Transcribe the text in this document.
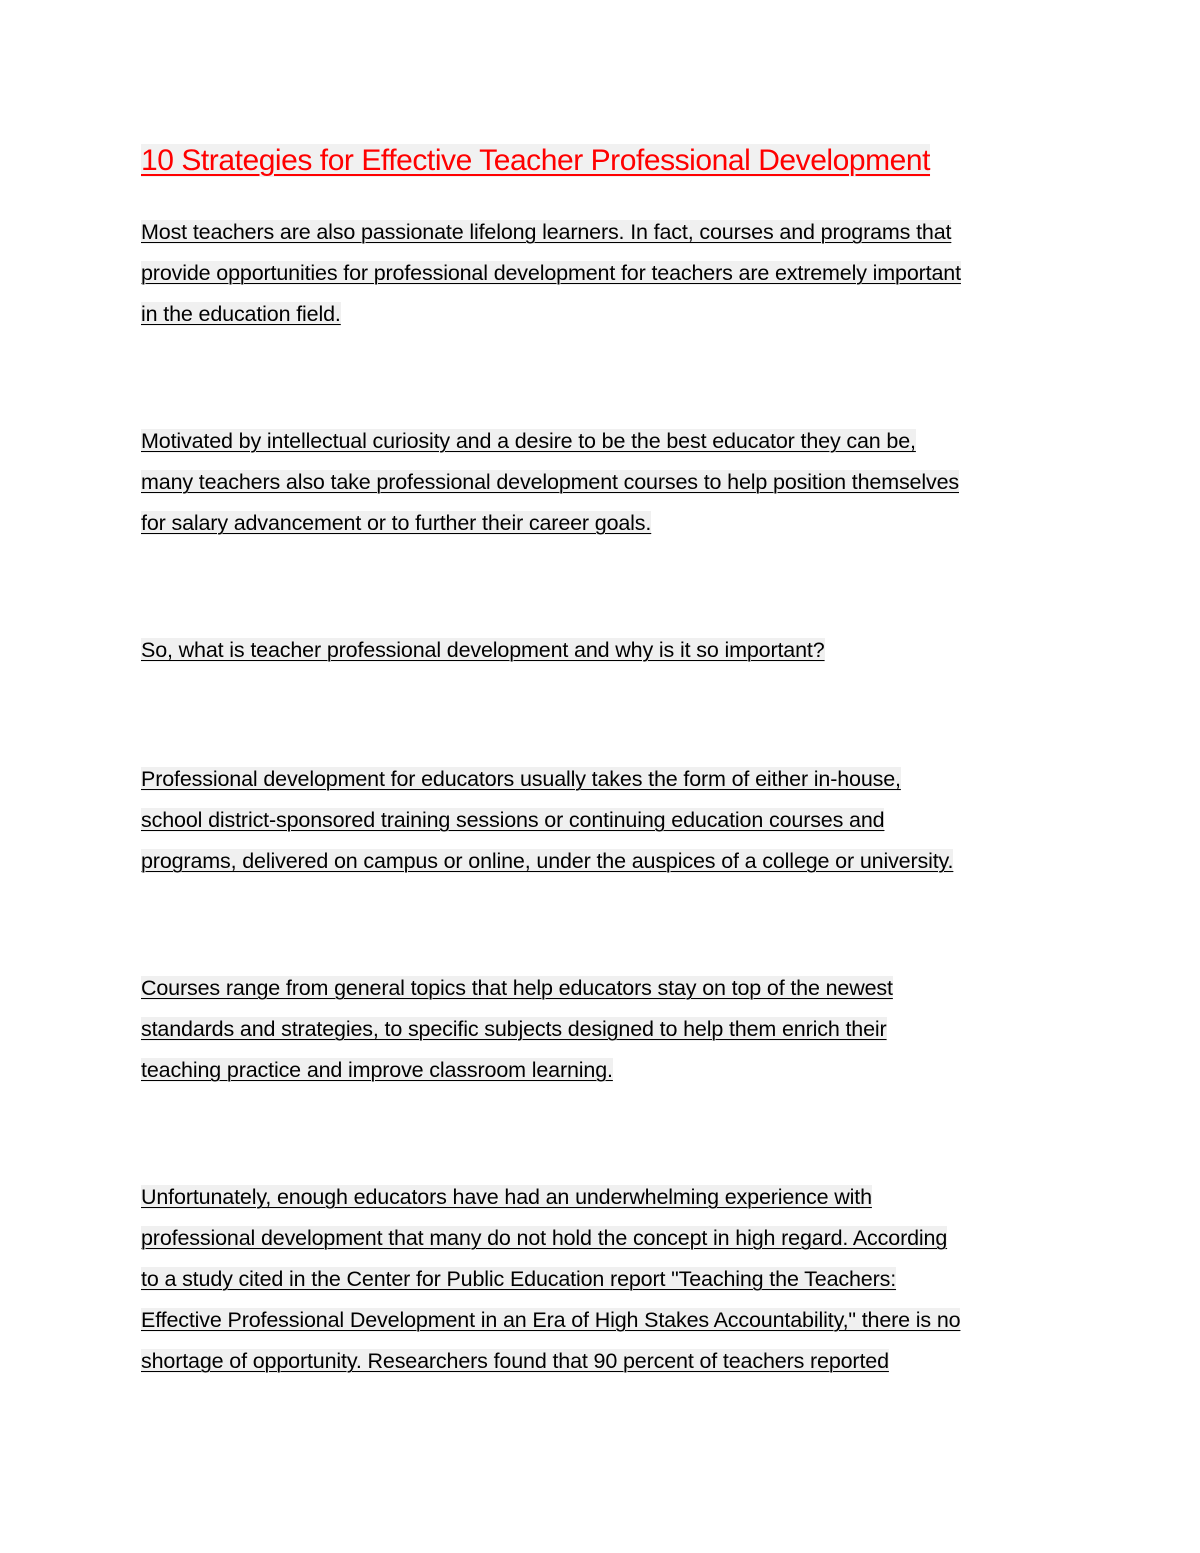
10 Strategies for Effective Teacher Professional Development

Most teachers are also passionate lifelong learners. In fact, courses and programs that
provide opportunities for professional development for teachers are extremely important
in the education field.

Motivated by intellectual curiosity and a desire to be the best educator they can be,
many teachers also take professional development courses to help position themselves
for salary advancement or to further their career goals.

So, what is teacher professional development and why is it so important?

Professional development for educators usually takes the form of either in-house,
school district-sponsored training sessions or continuing education courses and
programs, delivered on campus or online, under the auspices of a college or university.

Courses range from general topics that help educators stay on top of the newest
standards and strategies, to specific subjects designed to help them enrich their
teaching practice and improve classroom learning.

Unfortunately, enough educators have had an underwhelming experience with
professional development that many do not hold the concept in high regard. According
to a study cited in the Center for Public Education report "Teaching the Teachers:
Effective Professional Development in an Era of High Stakes Accountability," there is no
shortage of opportunity. Researchers found that 90 percent of teachers reported
